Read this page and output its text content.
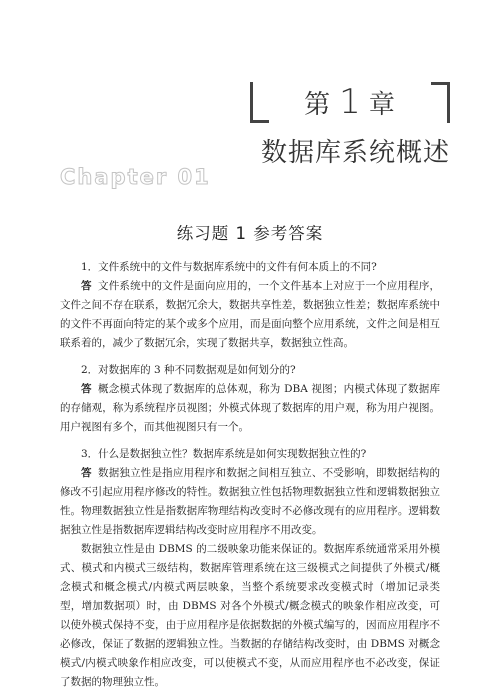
第 1 章
数据库系统概述
Chapter 01
练习题 1 参考答案

1．文件系统中的文件与数据库系统中的文件有何本质上的不同?

答 文件系统中的文件是面向应用的，一个文件基本上对应于一个应用程序，文件之间不存在联系，数据冗余大，数据共享性差，数据独立性差；数据库系统中的文件不再面向特定的某个或多个应用，而是面向整个应用系统，文件之间是相互联系着的，减少了数据冗余，实现了数据共享，数据独立性高。

2．对数据库的 3 种不同数据观是如何划分的?

答 概念模式体现了数据库的总体观，称为 DBA 视图；内模式体现了数据库的存储观，称为系统程序员视图；外模式体现了数据库的用户观，称为用户视图。用户视图有多个，而其他视图只有一个。

3．什么是数据独立性？数据库系统是如何实现数据独立性的?

答 数据独立性是指应用程序和数据之间相互独立、不受影响，即数据结构的修改不引起应用程序修改的特性。数据独立性包括物理数据独立性和逻辑数据独立性。物理数据独立性是指数据库物理结构改变时不必修改现有的应用程序。逻辑数据独立性是指数据库逻辑结构改变时应用程序不用改变。

数据独立性是由 DBMS 的二级映象功能来保证的。数据库系统通常采用外模式、模式和内模式三级结构，数据库管理系统在这三级模式之间提供了外模式/概念模式和概念模式/内模式两层映象，当整个系统要求改变模式时（增加记录类型，增加数据项）时，由 DBMS 对各个外模式/概念模式的映象作相应改变，可以使外模式保持不变，由于应用程序是依据数据的外模式编写的，因而应用程序不必修改，保证了数据的逻辑独立性。当数据的存储结构改变时，由 DBMS 对概念模式/内模式映象作相应改变，可以使模式不变，从而应用程序也不必改变，保证了数据的物理独立性。
